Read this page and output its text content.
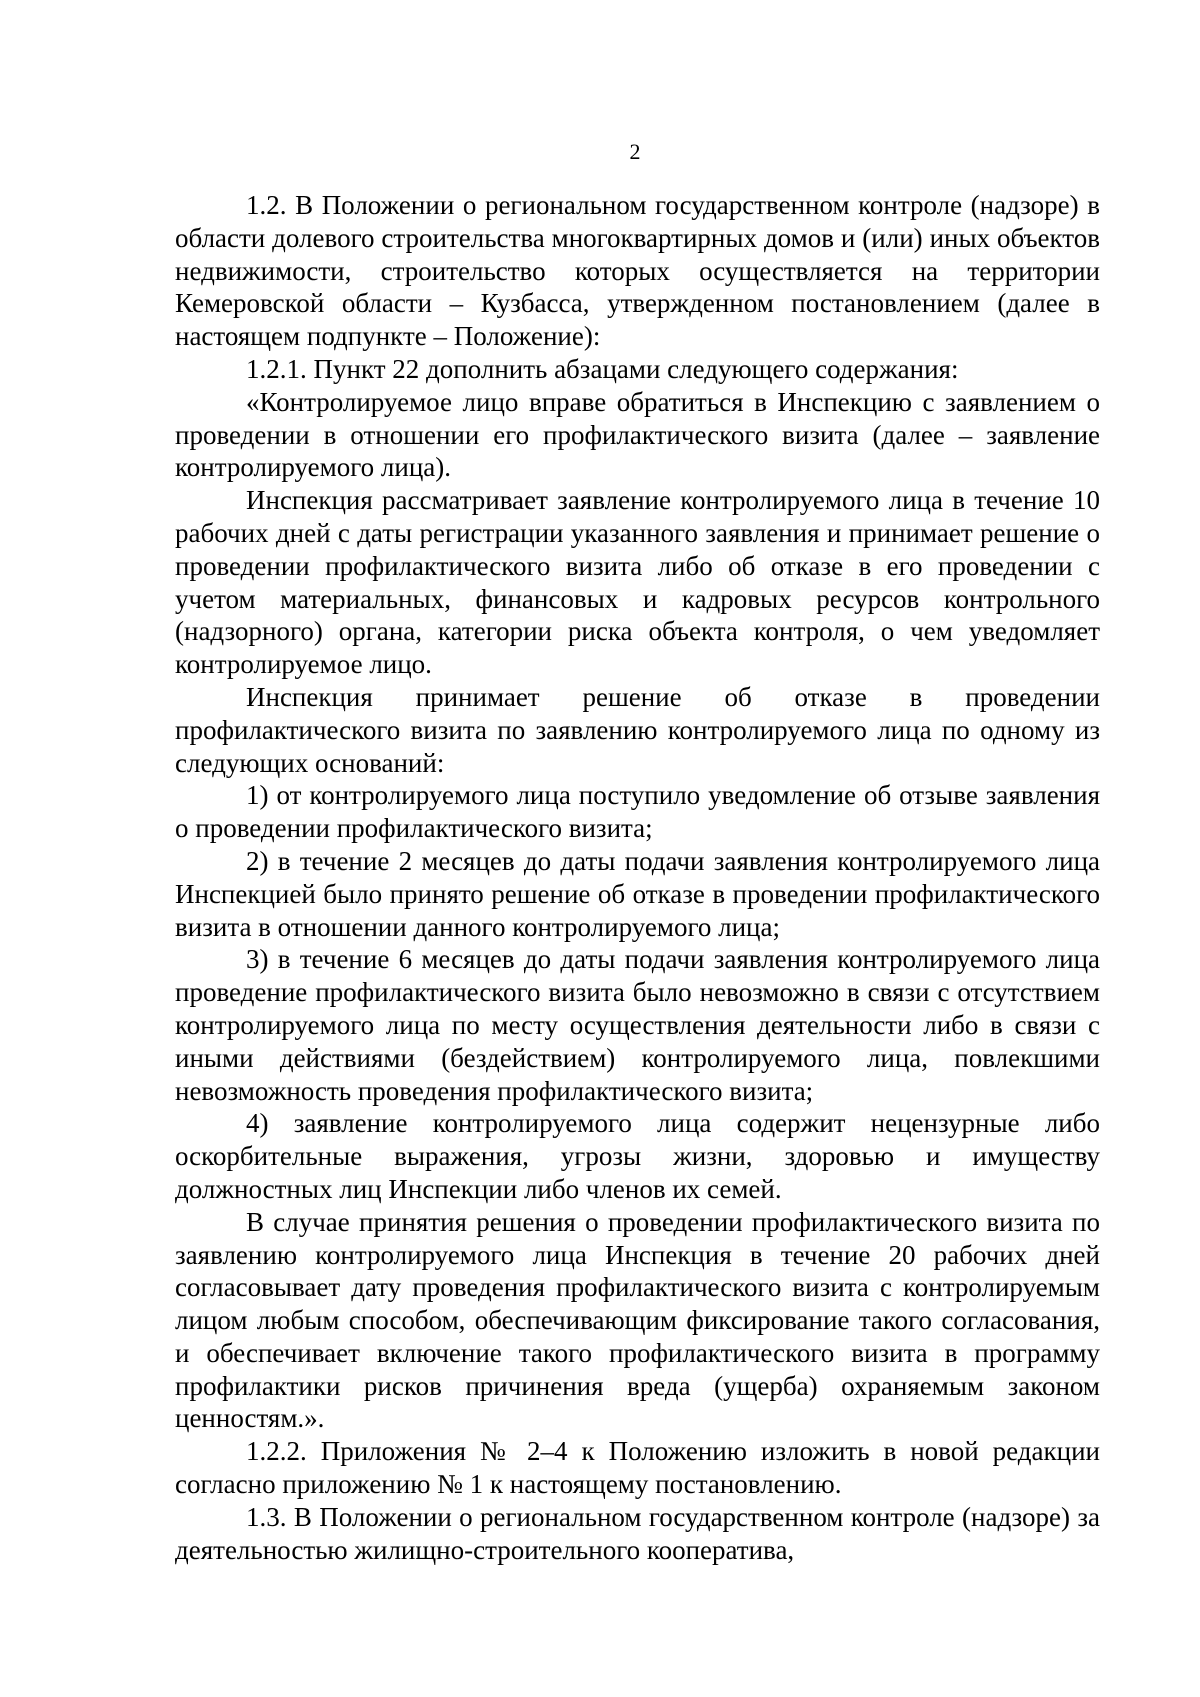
2

1.2. В Положении о региональном государственном контроле (надзоре) в области долевого строительства многоквартирных домов и (или) иных объектов недвижимости, строительство которых осуществляется на территории Кемеровской области – Кузбасса, утвержденном постановлением (далее в настоящем подпункте – Положение):

1.2.1. Пункт 22 дополнить абзацами следующего содержания:

«Контролируемое лицо вправе обратиться в Инспекцию с заявлением о проведении в отношении его профилактического визита (далее – заявление контролируемого лица).

Инспекция рассматривает заявление контролируемого лица в течение 10 рабочих дней с даты регистрации указанного заявления и принимает решение о проведении профилактического визита либо об отказе в его проведении с учетом материальных, финансовых и кадровых ресурсов контрольного (надзорного) органа, категории риска объекта контроля, о чем уведомляет контролируемое лицо.

Инспекция принимает решение об отказе в проведении профилактического визита по заявлению контролируемого лица по одному из следующих оснований:

1) от контролируемого лица поступило уведомление об отзыве заявления о проведении профилактического визита;

2) в течение 2 месяцев до даты подачи заявления контролируемого лица Инспекцией было принято решение об отказе в проведении профилактического визита в отношении данного контролируемого лица;

3) в течение 6 месяцев до даты подачи заявления контролируемого лица проведение профилактического визита было невозможно в связи с отсутствием контролируемого лица по месту осуществления деятельности либо в связи с иными действиями (бездействием) контролируемого лица, повлекшими невозможность проведения профилактического визита;

4) заявление контролируемого лица содержит нецензурные либо оскорбительные выражения, угрозы жизни, здоровью и имуществу должностных лиц Инспекции либо членов их семей.

В случае принятия решения о проведении профилактического визита по заявлению контролируемого лица Инспекция в течение 20 рабочих дней согласовывает дату проведения профилактического визита с контролируемым лицом любым способом, обеспечивающим фиксирование такого согласования, и обеспечивает включение такого профилактического визита в программу профилактики рисков причинения вреда (ущерба) охраняемым законом ценностям.».

1.2.2. Приложения № 2–4 к Положению изложить в новой редакции согласно приложению № 1 к настоящему постановлению.

1.3. В Положении о региональном государственном контроле (надзоре) за деятельностью жилищно-строительного кооператива,
